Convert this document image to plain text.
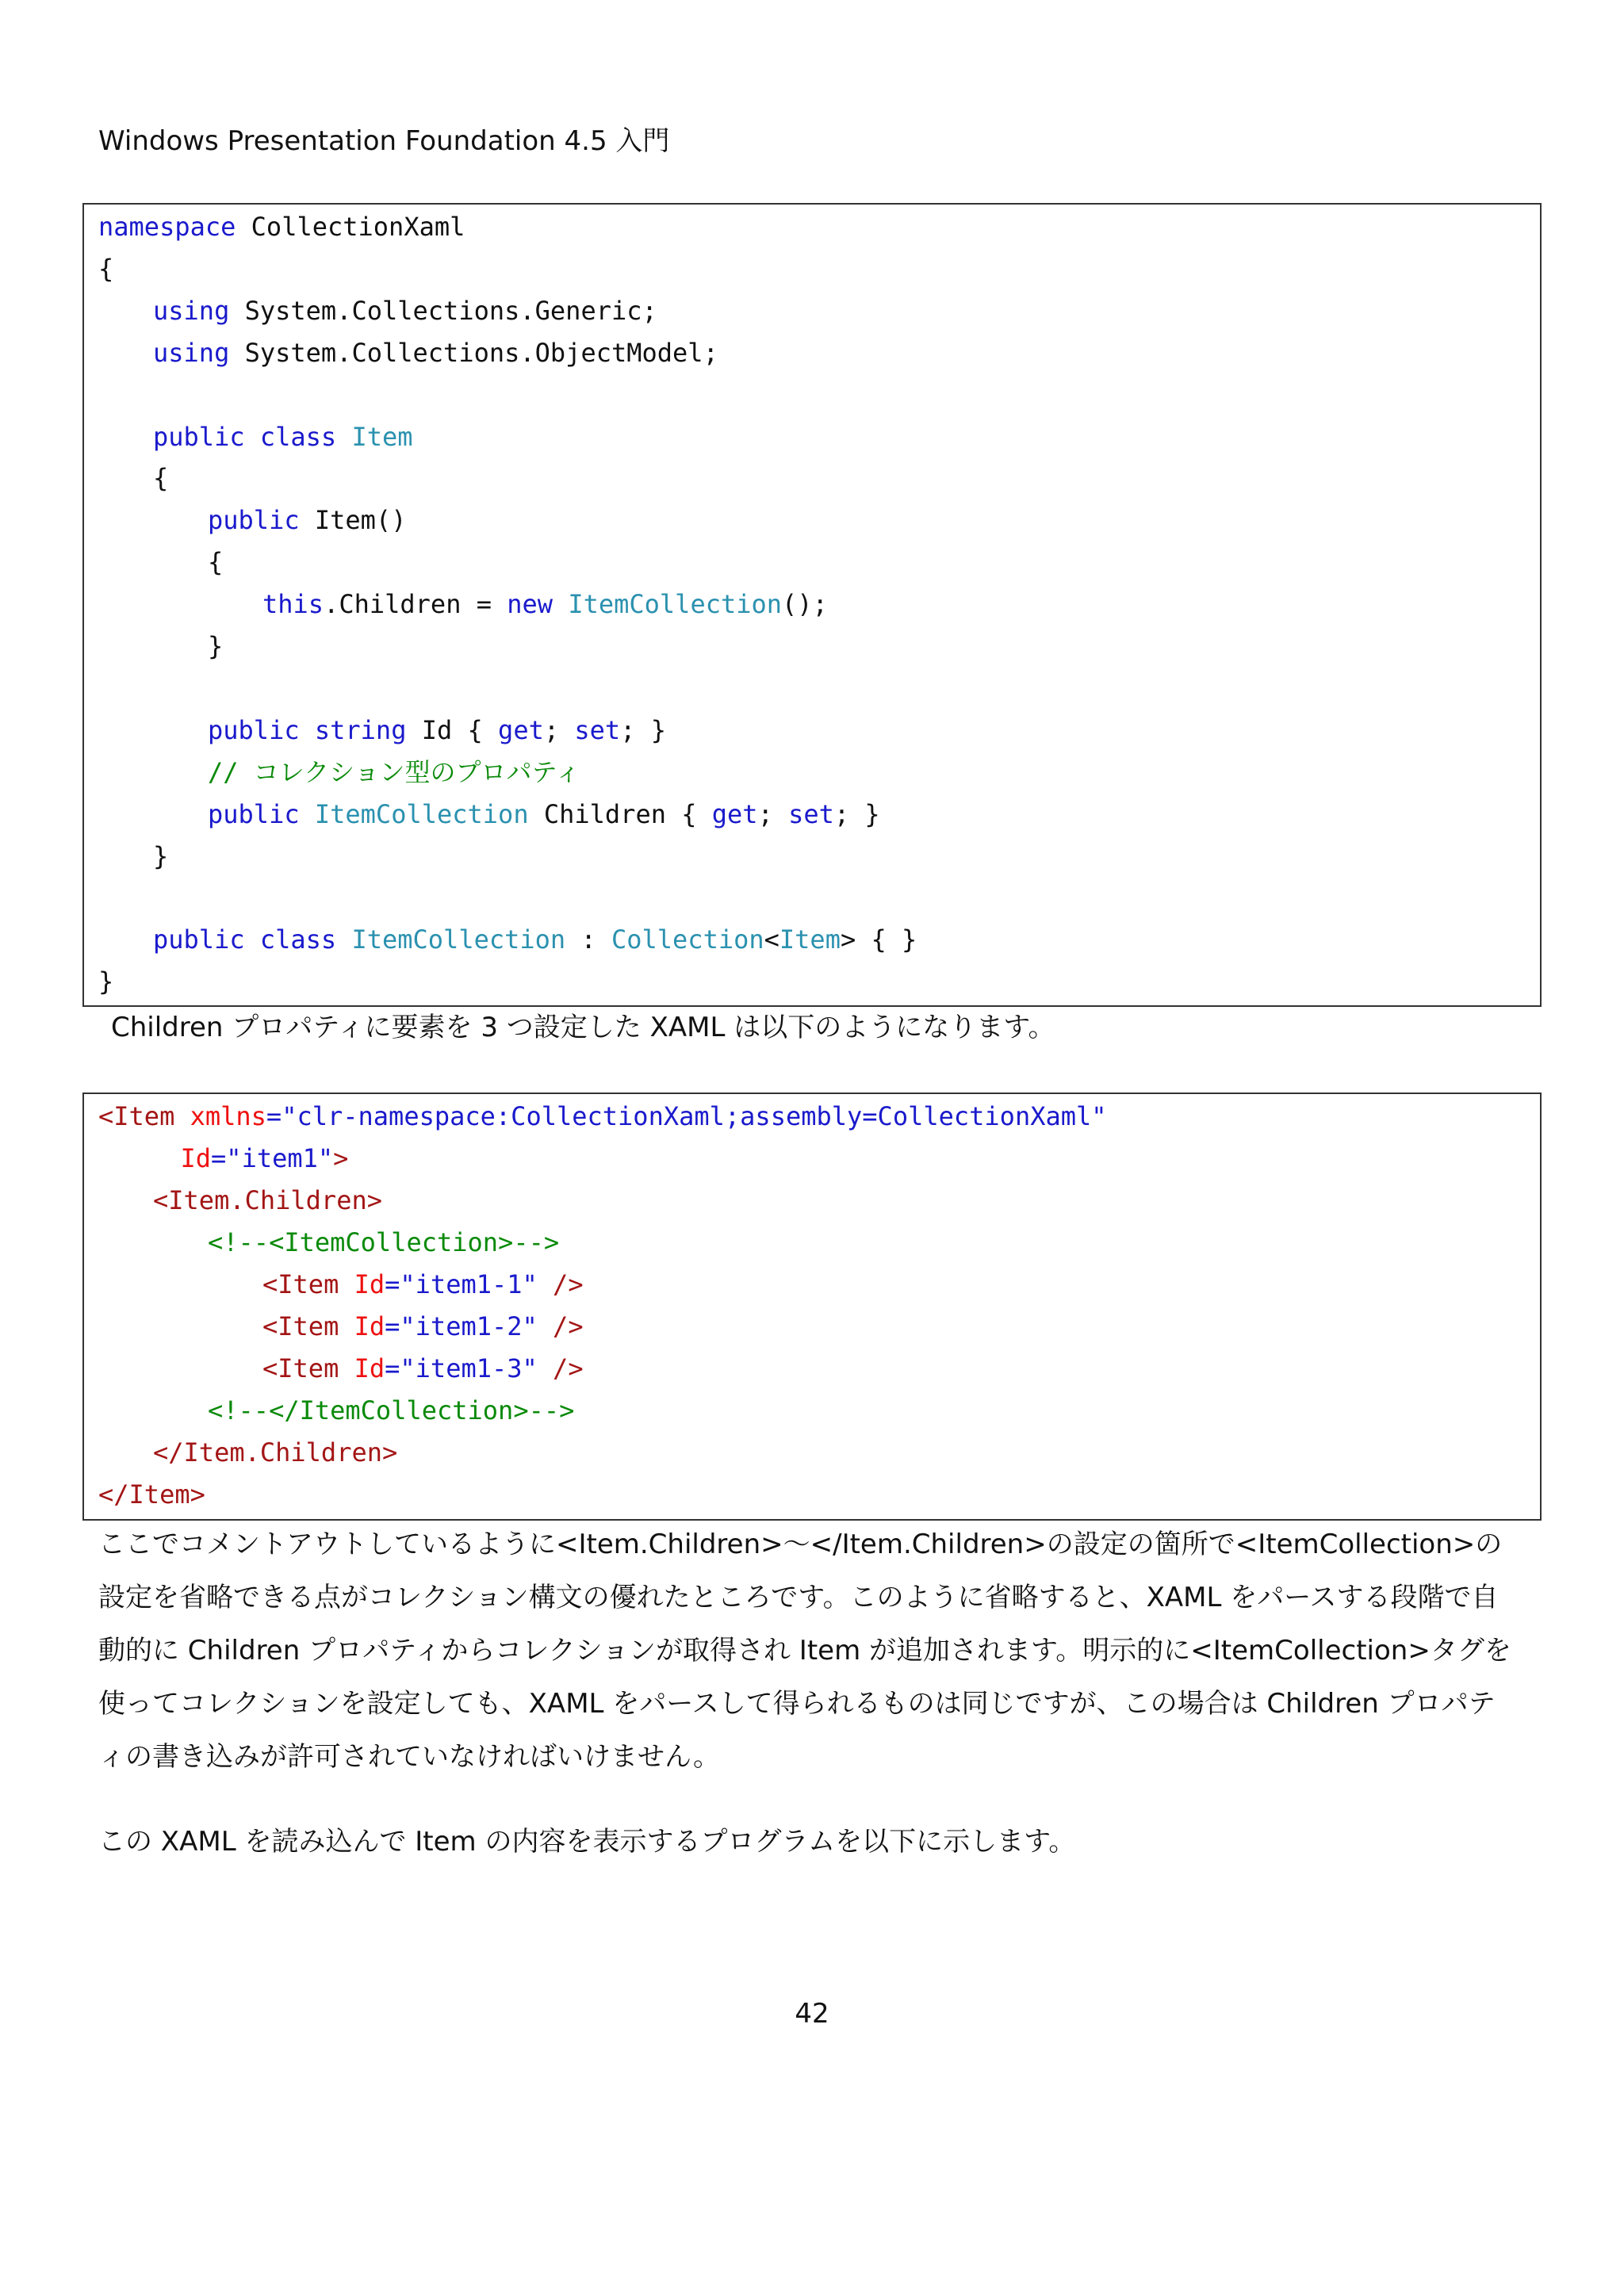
Windows Presentation Foundation 4.5 入門
namespace CollectionXaml
{
using System.Collections.Generic;
using System.Collections.ObjectModel;
public class Item
{
public Item()
{
this.Children = new ItemCollection();
}
public string Id { get; set; }
// コレクション型のプロパティ
public ItemCollection Children { get; set; }
}
public class ItemCollection : Collection<Item> { }
}
Children プロパティに要素を 3 つ設定した XAML は以下のようになります。
<Item xmlns="clr-namespace:CollectionXaml;assembly=CollectionXaml"
Id="item1">
<Item.Children>
<!--<ItemCollection>-->
<Item Id="item1-1" />
<Item Id="item1-2" />
<Item Id="item1-3" />
<!--</ItemCollection>-->
</Item.Children>
</Item>
ここでコメントアウトしているように<Item.Children>～</Item.Children>の設定の箇所で<ItemCollection>の
設定を省略できる点がコレクション構文の優れたところです。このように省略すると、XAML をパースする段階で自
動的に Children プロパティからコレクションが取得され Item が追加されます。明示的に<ItemCollection>タグを
使ってコレクションを設定しても、XAML をパースして得られるものは同じですが、この場合は Children プロパテ
ィの書き込みが許可されていなければいけません。
この XAML を読み込んで Item の内容を表示するプログラムを以下に示します。
42
